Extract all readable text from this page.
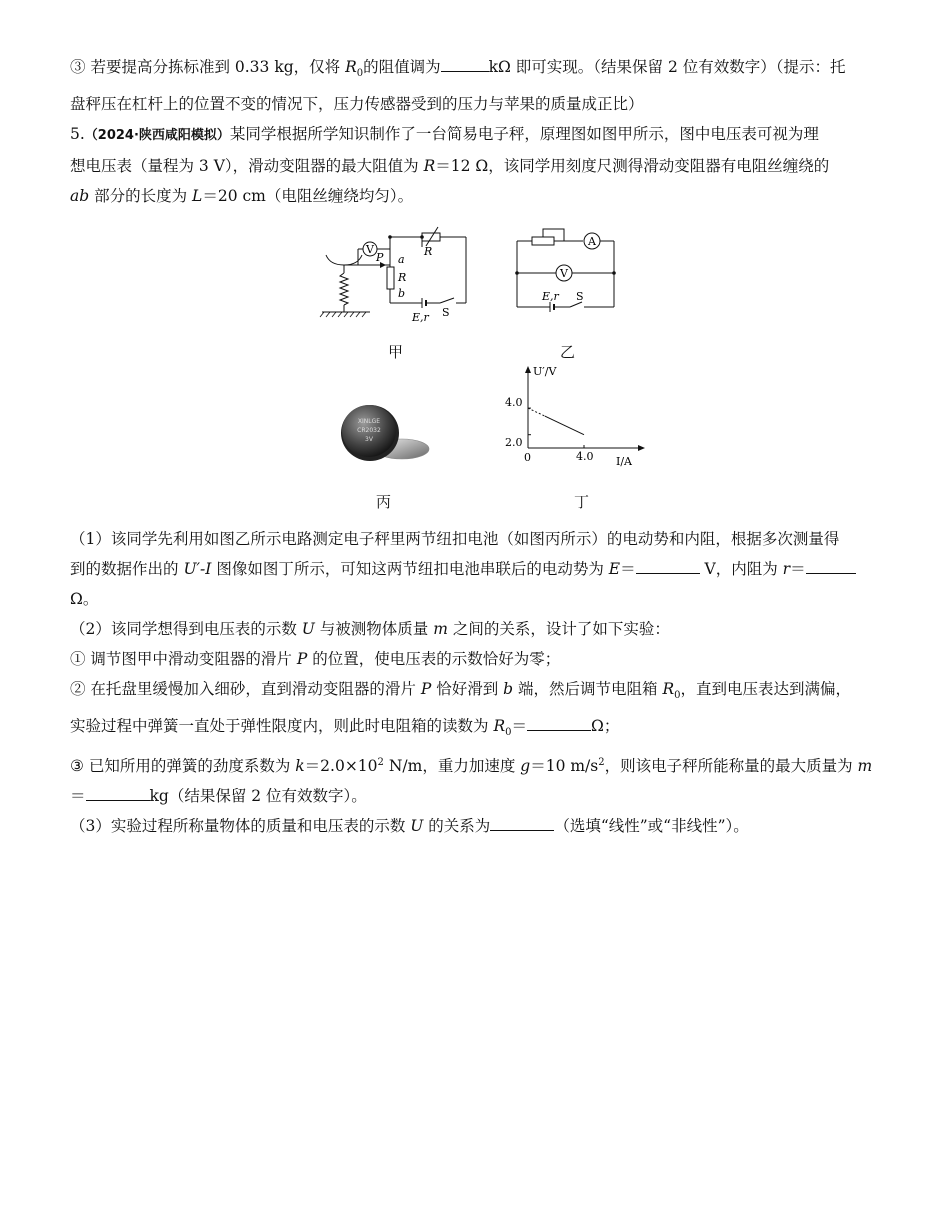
③ 若要提高分拣标准到 0.33 kg，仅将 $R_0$的阻值调为	kΩ 即可实现。（结果保留 2 位有效数字）（提示：托
盘秤压在杠杆上的位置不变的情况下，压力传感器受到的压力与苹果的质量成正比）

5.（2024·陕西咸阳模拟）某同学根据所学知识制作了一台简易电子秤，原理图如图甲所示，图中电压表可视为理
想电压表（量程为 3 V），滑动变阻器的最大阻值为 R＝12 Ω，该同学用刻度尺测得滑动变阻器有电阻丝缠绕的
ab 部分的长度为 L＝20 cm（电阻丝缠绕均匀）。

V
P a
R
b
R
E,r S
A
V
E,r S
甲	乙
XINLGE
CR2032
3V
U′/V
I/A
0	4.0
2.0
4.0
丙	丁

（1）该同学先利用如图乙所示电路测定电子秤里两节纽扣电池（如图丙所示）的电动势和内阻，根据多次测量得
到的数据作出的 U′-I 图像如图丁所示，可知这两节纽扣电池串联后的电动势为 E＝	V，内阻为 r＝
Ω。

（2）该同学想得到电压表的示数 U 与被测物体质量 m 之间的关系，设计了如下实验：
① 调节图甲中滑动变阻器的滑片 P 的位置，使电压表的示数恰好为零；
② 在托盘里缓慢加入细砂，直到滑动变阻器的滑片 P 恰好滑到 b 端，然后调节电阻箱 $R_0$，直到电压表达到满偏，
实验过程中弹簧一直处于弹性限度内，则此时电阻箱的读数为 $R_0=$	Ω；
③ 已知所用的弹簧的劲度系数为 $k=2.0\times 10^2$ N/m，重力加速度 g＝10 $m/s^2$，则该电子秤所能称量的最大质量为 m
＝	kg（结果保留 2 位有效数字）。

（3）实验过程所称量物体的质量和电压表的示数 U 的关系为	（选填“线性”或“非线性”）。
